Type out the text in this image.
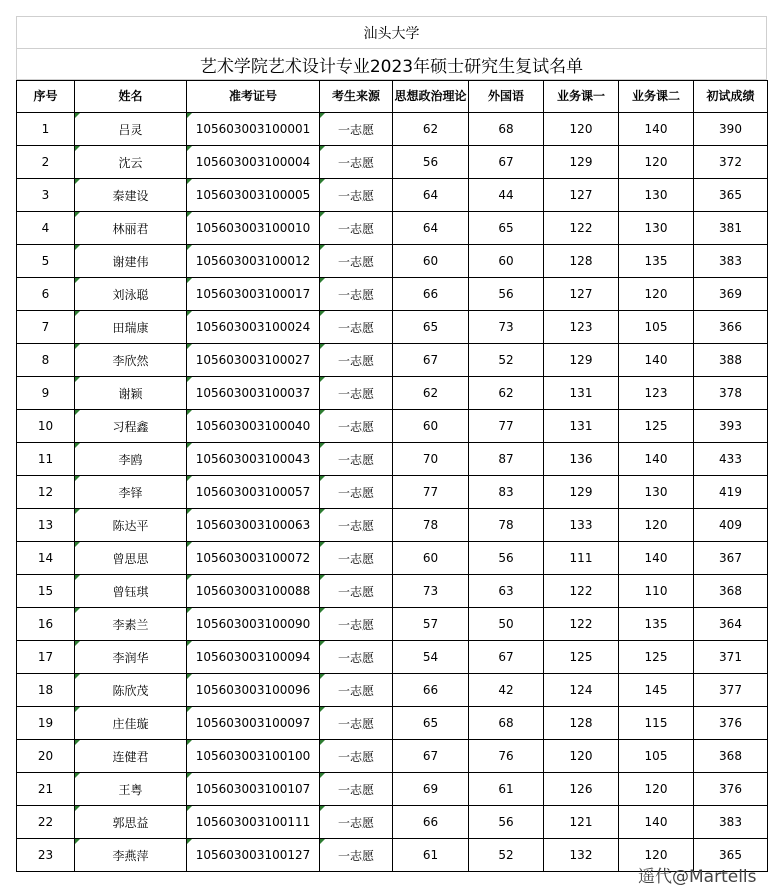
汕头大学
艺术学院艺术设计专业2023年硕士研究生复试名单
序号	姓名	准考证号	考生来源	思想政治理论	外国语	业务课一	业务课二	初试成绩
1	吕灵	105603003100001	一志愿	62	68	120	140	390
2	沈云	105603003100004	一志愿	56	67	129	120	372
3	秦建设	105603003100005	一志愿	64	44	127	130	365
4	林丽君	105603003100010	一志愿	64	65	122	130	381
5	谢建伟	105603003100012	一志愿	60	60	128	135	383
6	刘泳聪	105603003100017	一志愿	66	56	127	120	369
7	田瑞康	105603003100024	一志愿	65	73	123	105	366
8	李欣然	105603003100027	一志愿	67	52	129	140	388
9	谢颖	105603003100037	一志愿	62	62	131	123	378
10	习程鑫	105603003100040	一志愿	60	77	131	125	393
11	李鸥	105603003100043	一志愿	70	87	136	140	433
12	李铎	105603003100057	一志愿	77	83	129	130	419
13	陈达平	105603003100063	一志愿	78	78	133	120	409
14	曾思思	105603003100072	一志愿	60	56	111	140	367
15	曾钰琪	105603003100088	一志愿	73	63	122	110	368
16	李素兰	105603003100090	一志愿	57	50	122	135	364
17	李润华	105603003100094	一志愿	54	67	125	125	371
18	陈欣茂	105603003100096	一志愿	66	42	124	145	377
19	庄佳璇	105603003100097	一志愿	65	68	128	115	376
20	连健君	105603003100100	一志愿	67	76	120	105	368
21	王粤	105603003100107	一志愿	69	61	126	120	376
22	郭思益	105603003100111	一志愿	66	56	121	140	383
23	李燕萍	105603003100127	一志愿	61	52	132	120	365
遥代@Martells
